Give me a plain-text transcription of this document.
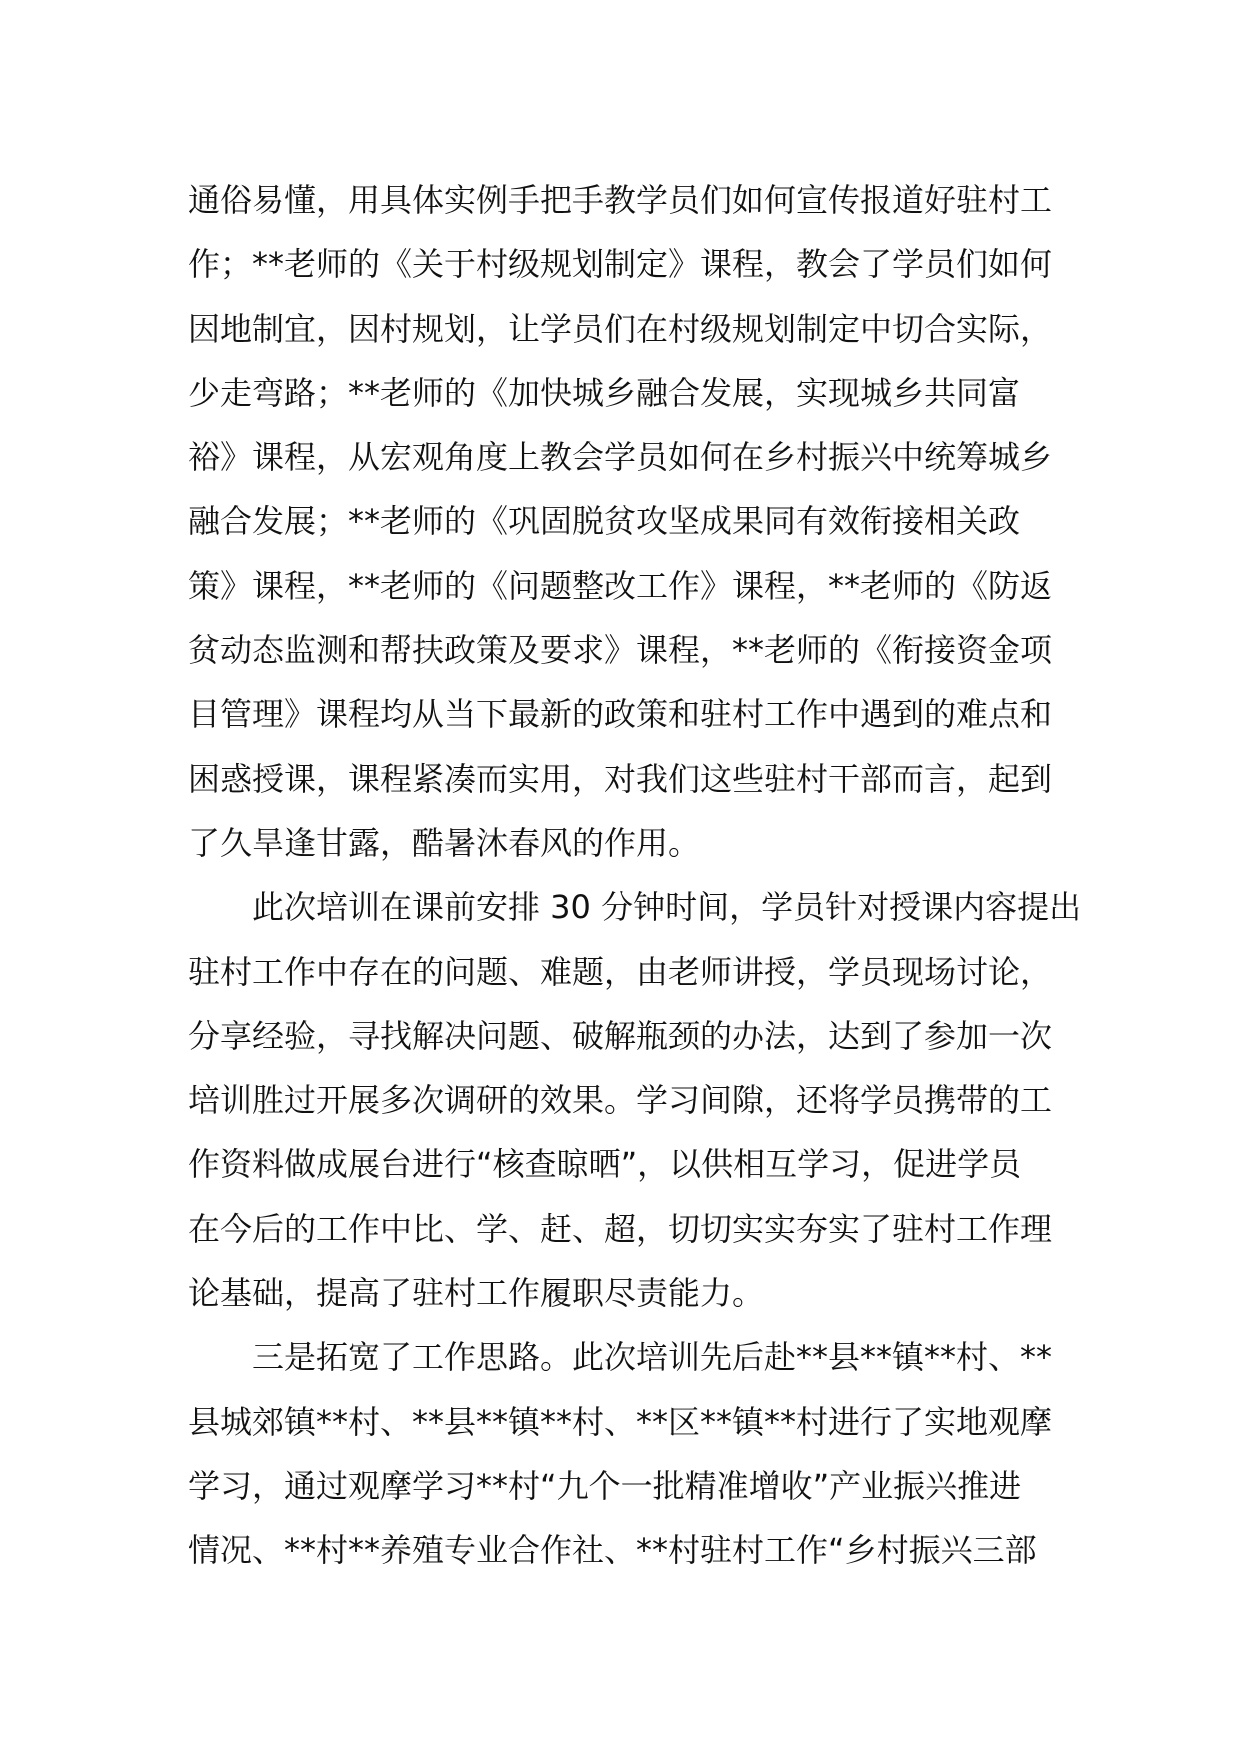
通俗易懂，用具体实例手把手教学员们如何宣传报道好驻村工
作；**老师的《关于村级规划制定》课程，教会了学员们如何
因地制宜，因村规划，让学员们在村级规划制定中切合实际，
少走弯路；**老师的《加快城乡融合发展，实现城乡共同富
裕》课程，从宏观角度上教会学员如何在乡村振兴中统筹城乡
融合发展；**老师的《巩固脱贫攻坚成果同有效衔接相关政
策》课程，**老师的《问题整改工作》课程，**老师的《防返
贫动态监测和帮扶政策及要求》课程，**老师的《衔接资金项
目管理》课程均从当下最新的政策和驻村工作中遇到的难点和
困惑授课，课程紧凑而实用，对我们这些驻村干部而言，起到
了久旱逢甘露，酷暑沐春风的作用。
此次培训在课前安排 30 分钟时间，学员针对授课内容提出
驻村工作中存在的问题、难题，由老师讲授，学员现场讨论，
分享经验，寻找解决问题、破解瓶颈的办法，达到了参加一次
培训胜过开展多次调研的效果。学习间隙，还将学员携带的工
作资料做成展台进行“核查晾晒”，以供相互学习，促进学员
在今后的工作中比、学、赶、超，切切实实夯实了驻村工作理
论基础，提高了驻村工作履职尽责能力。
三是拓宽了工作思路。此次培训先后赴**县**镇**村、**
县城郊镇**村、**县**镇**村、**区**镇**村进行了实地观摩
学习，通过观摩学习**村“九个一批精准增收”产业振兴推进
情况、**村**养殖专业合作社、**村驻村工作“乡村振兴三部
